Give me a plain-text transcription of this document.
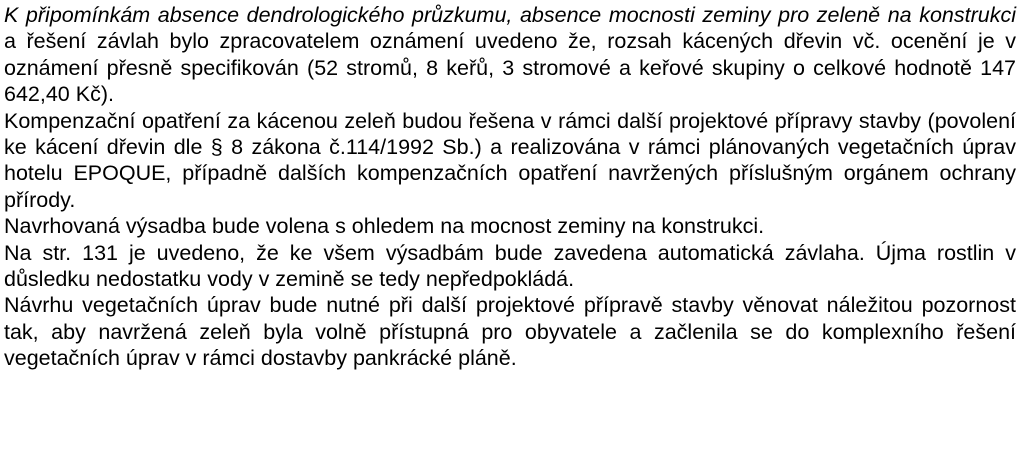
K připomínkám absence dendrologického průzkumu, absence mocnosti zeminy pro zeleně na konstrukci a řešení závlah bylo zpracovatelem oznámení uvedeno že, rozsah kácených dřevin vč. ocenění je v oznámení přesně specifikován (52 stromů, 8 keřů, 3 stromové a keřové skupiny o celkové hodnotě 147 642,40 Kč).

Kompenzační opatření za kácenou zeleň budou řešena v rámci další projektové přípravy stavby (povolení ke kácení dřevin dle § 8 zákona č.114/1992 Sb.) a realizována v rámci plánovaných vegetačních úprav hotelu EPOQUE, případně dalších kompenzačních opatření navržených příslušným orgánem ochrany přírody.

Navrhovaná výsadba bude volena s ohledem na mocnost zeminy na konstrukci.

Na str. 131 je uvedeno, že ke všem výsadbám bude zavedena automatická závlaha. Újma rostlin v důsledku nedostatku vody v zemině se tedy nepředpokládá.

Návrhu vegetačních úprav bude nutné při další projektové přípravě stavby věnovat náležitou pozornost tak, aby navržená zeleň byla volně přístupná pro obyvatele a začlenila se do komplexního řešení vegetačních úprav v rámci dostavby pankrácké pláně.
